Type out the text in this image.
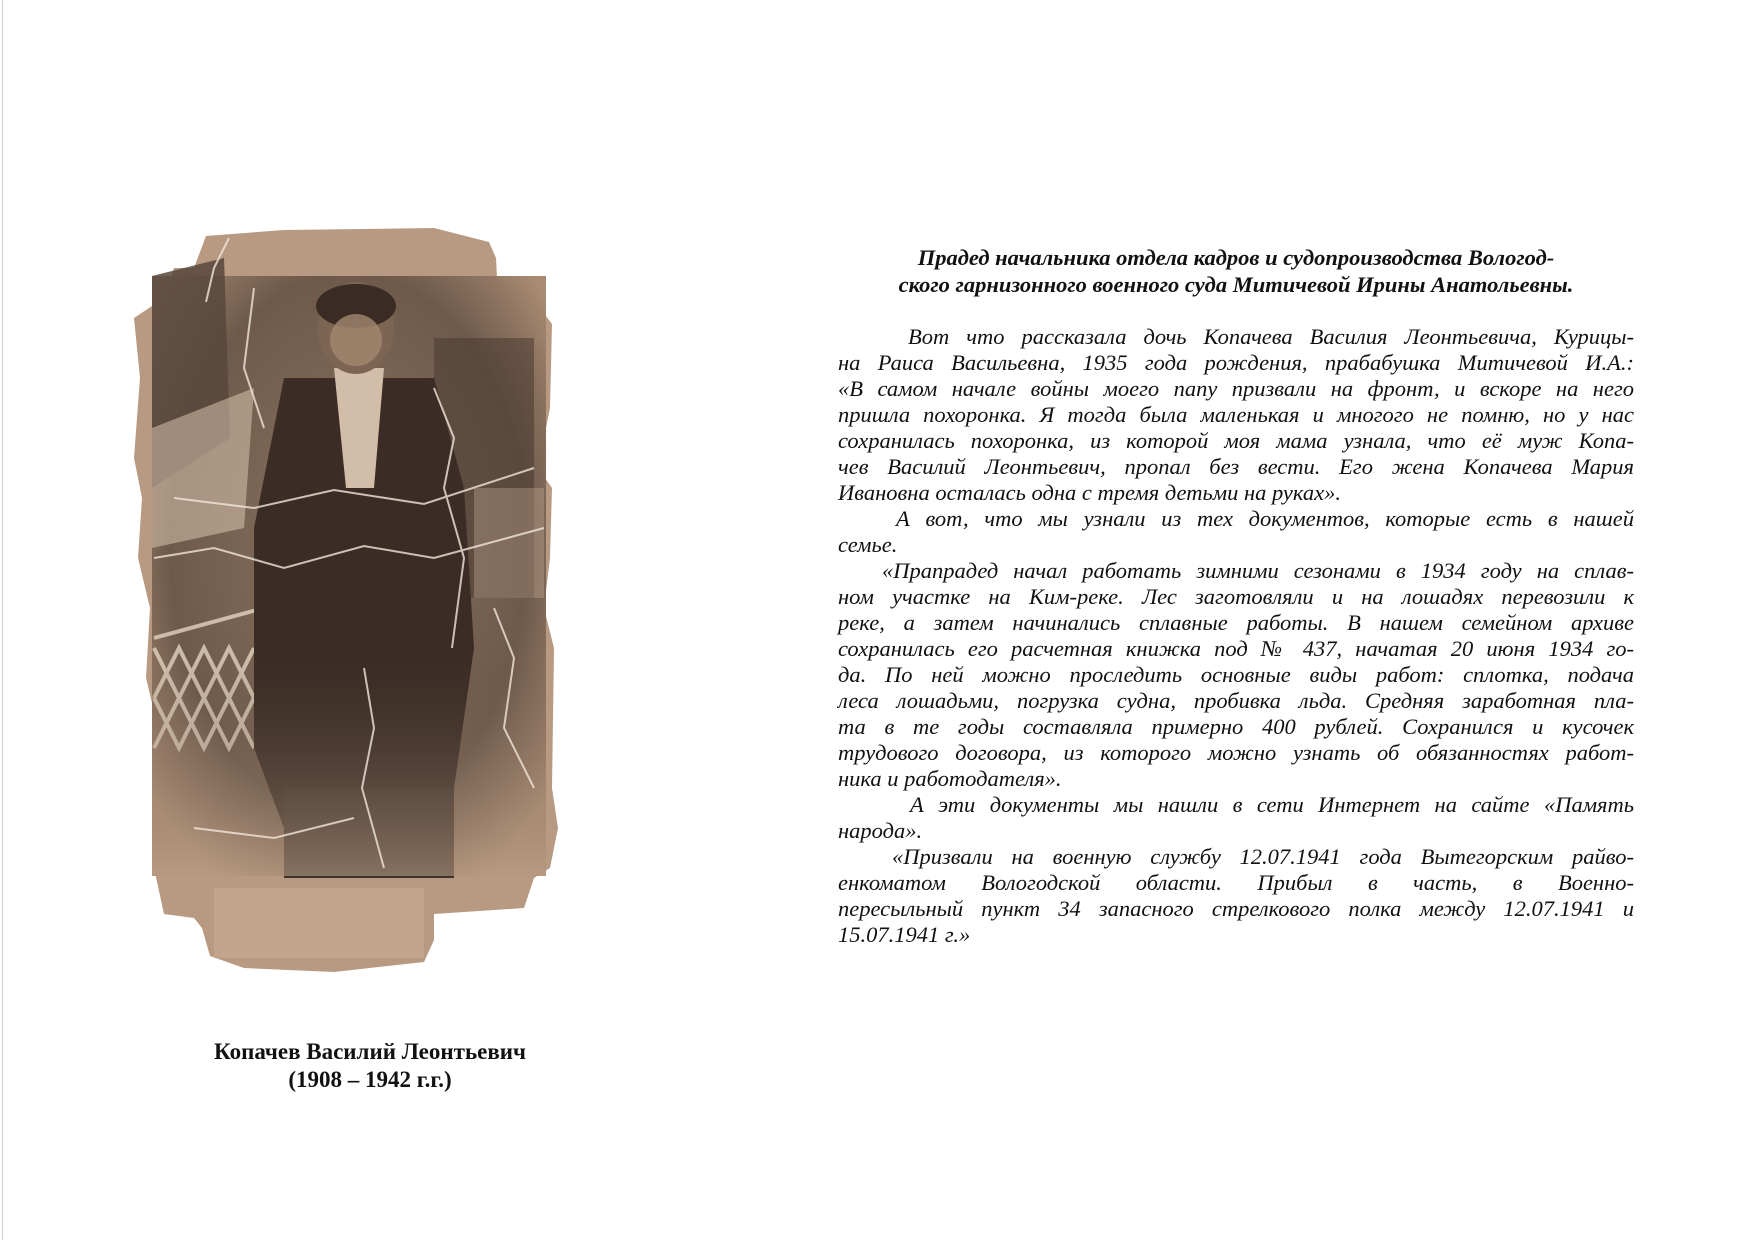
Копачев Василий Леонтьевич
(1908 – 1942 г.г.)
Прадед начальника отдела кадров и судопроизводства Вологод-
ского гарнизонного военного суда Митичевой Ирины Анатольевны.
Вот что рассказала дочь Копачева Василия Леонтьевича, Курицы-
на Раиса Васильевна, 1935 года рождения, прабабушка Митичевой И.А.:
«В самом начале войны моего папу призвали на фронт, и вскоре на него
пришла похоронка. Я тогда была маленькая и многого не помню, но у нас
сохранилась похоронка, из которой моя мама узнала, что её муж Копа-
чев Василий Леонтьевич, пропал без вести. Его жена Копачева Мария
Ивановна осталась одна с тремя детьми на руках».
А вот, что мы узнали из тех документов, которые есть в нашей
семье.
«Прапрадед начал работать зимними сезонами в 1934 году на сплав-
ном участке на Ким-реке. Лес заготовляли и на лошадях перевозили к
реке, а затем начинались сплавные работы. В нашем семейном архиве
сохранилась его расчетная книжка под № 437, начатая 20 июня 1934 го-
да. По ней можно проследить основные виды работ: сплотка, подача
леса лошадьми, погрузка судна, пробивка льда. Средняя заработная пла-
та в те годы составляла примерно 400 рублей. Сохранился и кусочек
трудового договора, из которого можно узнать об обязанностях работ-
ника и работодателя».
А эти документы мы нашли в сети Интернет на сайте «Память
народа».
«Призвали на военную службу 12.07.1941 года Вытегорским райво-
енкоматом Вологодской области. Прибыл в часть, в Военно-
пересыльный пункт 34 запасного стрелкового полка между 12.07.1941 и
15.07.1941 г.»
